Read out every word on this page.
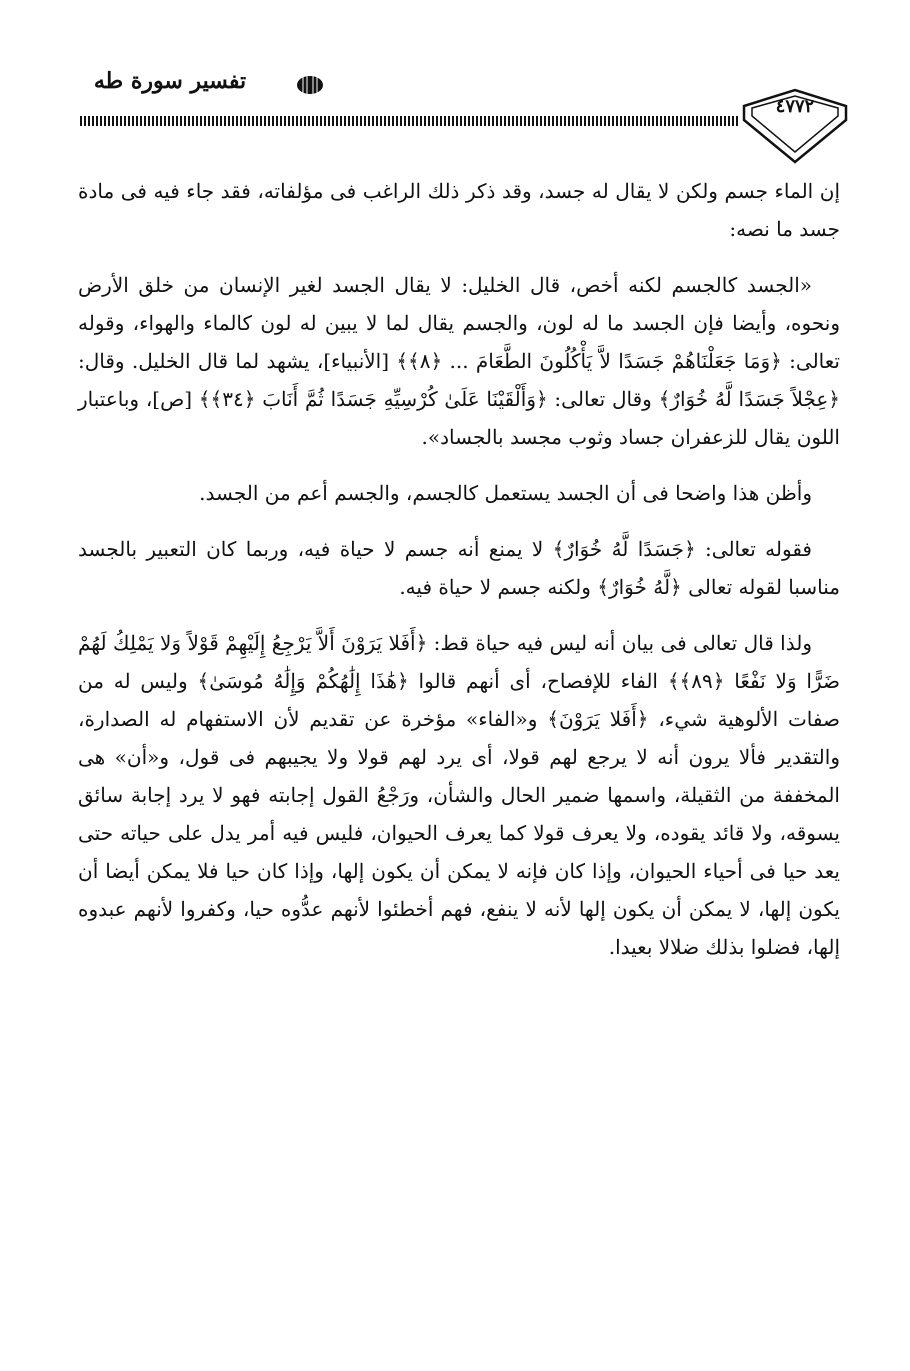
تفسير سورة طه
٤٧٧٢

إن الماء جسم ولكن لا يقال له جسد، وقد ذكر ذلك الراغب فى مؤلفاته، فقد جاء فيه فى مادة جسد ما نصه:

«الجسد كالجسم لكنه أخص، قال الخليل: لا يقال الجسد لغير الإنسان من خلق الأرض ونحوه، وأيضا فإن الجسد ما له لون، والجسم يقال لما لا يبين له لون كالماء والهواء، وقوله تعالى: ﴿وَمَا جَعَلْنَاهُمْ جَسَدًا لاَّ يَأْكُلُونَ الطَّعَامَ ... ﴿٨﴾﴾ [الأنبياء]، يشهد لما قال الخليل. وقال: ﴿عِجْلاً جَسَدًا لَّهُ خُوَارٌ﴾ وقال تعالى: ﴿وَأَلْقَيْنَا عَلَىٰ كُرْسِيِّهِ جَسَدًا ثُمَّ أَنَابَ ﴿٣٤﴾﴾ [ص]، وباعتبار اللون يقال للزعفران جساد وثوب مجسد بالجساد».

وأظن هذا واضحا فى أن الجسد يستعمل كالجسم، والجسم أعم من الجسد.

فقوله تعالى: ﴿جَسَدًا لَّهُ خُوَارٌ﴾ لا يمنع أنه جسم لا حياة فيه، وربما كان التعبير بالجسد مناسبا لقوله تعالى ﴿لَّهُ خُوَارٌ﴾ ولكنه جسم لا حياة فيه.

ولذا قال تعالى فى بيان أنه ليس فيه حياة قط: ﴿أَفَلا يَرَوْنَ أَلاَّ يَرْجِعُ إِلَيْهِمْ قَوْلاً وَلا يَمْلِكُ لَهُمْ ضَرًّا وَلا نَفْعًا ﴿٨٩﴾﴾ الفاء للإفصاح، أى أنهم قالوا ﴿هَٰذَا إِلَٰهُكُمْ وَإِلَٰهُ مُوسَىٰ﴾ وليس له من صفات الألوهية شيء، ﴿أَفَلا يَرَوْنَ﴾ و«الفاء» مؤخرة عن تقديم لأن الاستفهام له الصدارة، والتقدير فألا يرون أنه لا يرجع لهم قولا، أى يرد لهم قولا ولا يجيبهم فى قول، و«أن» هى المخففة من الثقيلة، واسمها ضمير الحال والشأن، ورَجْعُ القول إجابته فهو لا يرد إجابة سائق يسوقه، ولا قائد يقوده، ولا يعرف قولا كما يعرف الحيوان، فليس فيه أمر يدل على حياته حتى يعد حيا فى أحياء الحيوان، وإذا كان فإنه لا يمكن أن يكون إلها، وإذا كان حيا فلا يمكن أيضا أن يكون إلها، لا يمكن أن يكون إلها لأنه لا ينفع، فهم أخطئوا لأنهم عدُّوه حيا، وكفروا لأنهم عبدوه إلها، فضلوا بذلك ضلالا بعيدا.
